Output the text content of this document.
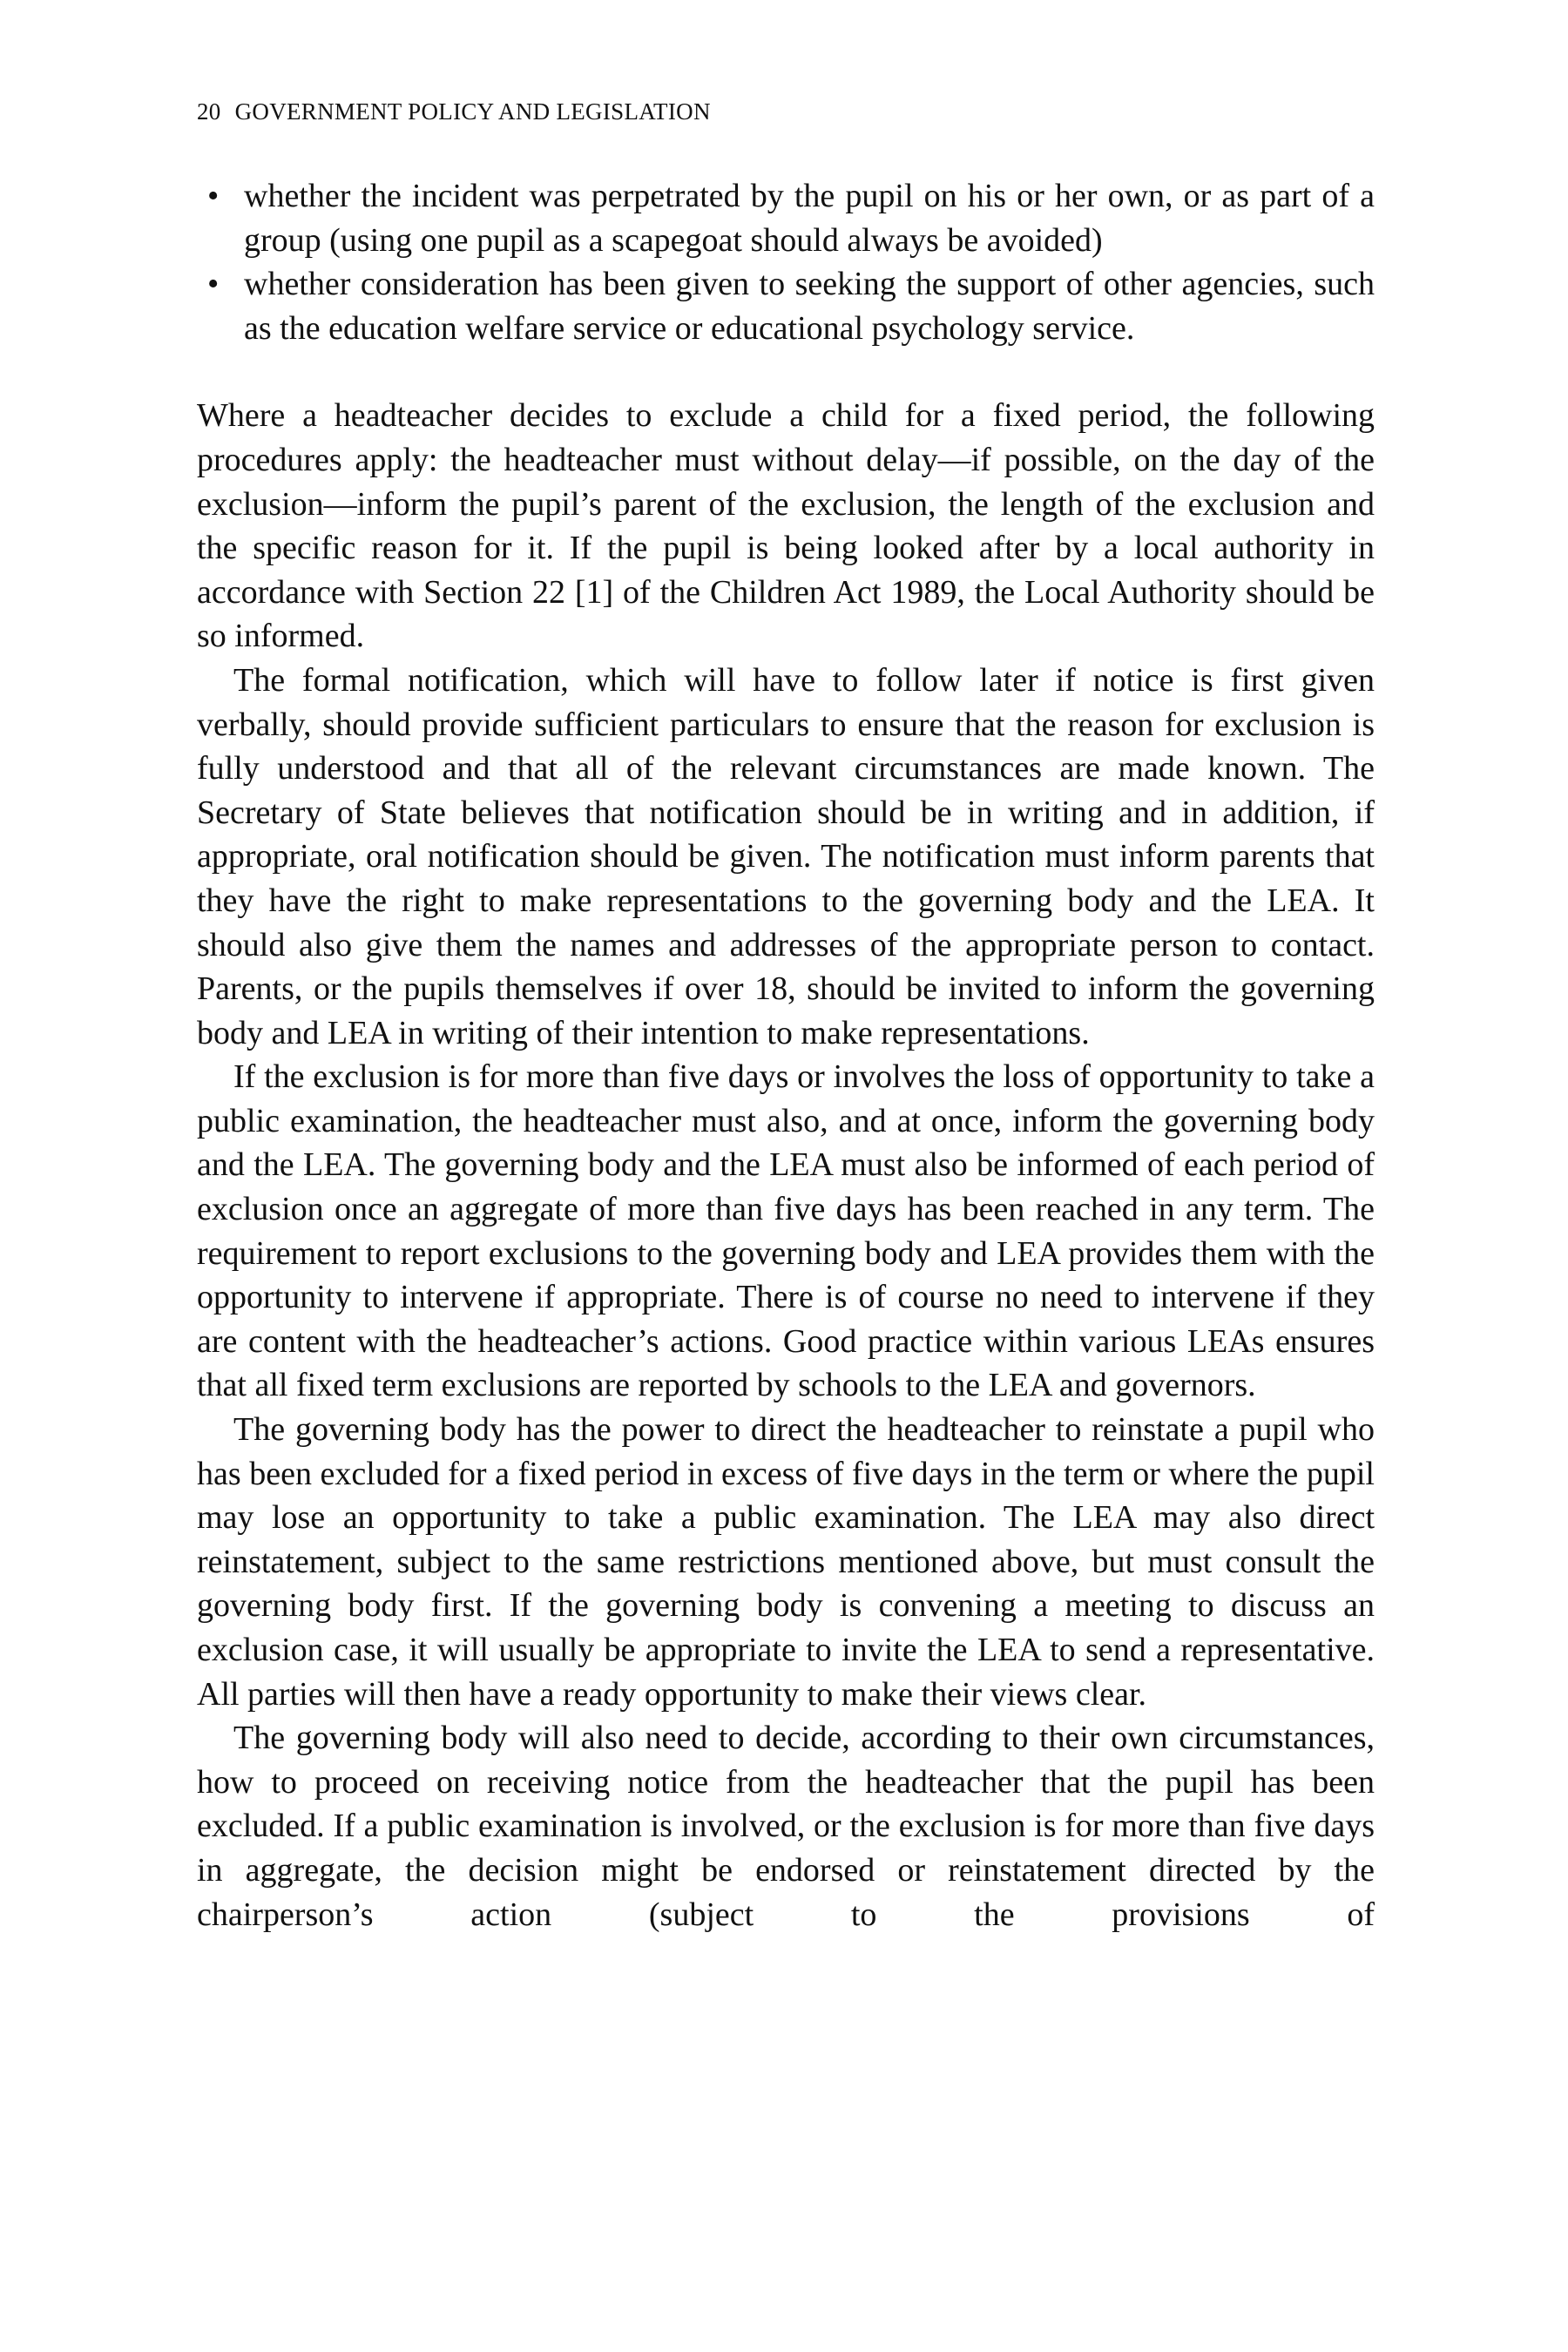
20 GOVERNMENT POLICY AND LEGISLATION
• whether the incident was perpetrated by the pupil on his or her own, or as part of a group (using one pupil as a scapegoat should always be avoided)
• whether consideration has been given to seeking the support of other agencies, such as the education welfare service or educational psychology service.

Where a headteacher decides to exclude a child for a fixed period, the following procedures apply: the headteacher must without delay—if possible, on the day of the exclusion—inform the pupil’s parent of the exclusion, the length of the exclusion and the specific reason for it. If the pupil is being looked after by a local authority in accordance with Section 22 [1] of the Children Act 1989, the Local Authority should be so informed.

The formal notification, which will have to follow later if notice is first given verbally, should provide sufficient particulars to ensure that the reason for exclusion is fully understood and that all of the relevant circumstances are made known. The Secretary of State believes that notification should be in writing and in addition, if appropriate, oral notification should be given. The notification must inform parents that they have the right to make representations to the governing body and the LEA. It should also give them the names and addresses of the appropriate person to contact. Parents, or the pupils themselves if over 18, should be invited to inform the governing body and LEA in writing of their intention to make representations.

If the exclusion is for more than five days or involves the loss of opportunity to take a public examination, the headteacher must also, and at once, inform the governing body and the LEA. The governing body and the LEA must also be informed of each period of exclusion once an aggregate of more than five days has been reached in any term. The requirement to report exclusions to the governing body and LEA provides them with the opportunity to intervene if appropriate. There is of course no need to intervene if they are content with the headteacher’s actions. Good practice within various LEAs ensures that all fixed term exclusions are reported by schools to the LEA and governors.

The governing body has the power to direct the headteacher to reinstate a pupil who has been excluded for a fixed period in excess of five days in the term or where the pupil may lose an opportunity to take a public examination. The LEA may also direct reinstatement, subject to the same restrictions mentioned above, but must consult the governing body first. If the governing body is convening a meeting to discuss an exclusion case, it will usually be appropriate to invite the LEA to send a representative. All parties will then have a ready opportunity to make their views clear.

The governing body will also need to decide, according to their own circumstances, how to proceed on receiving notice from the headteacher that the pupil has been excluded. If a public examination is involved, or the exclusion is for more than five days in aggregate, the decision might be endorsed or reinstatement directed by the chairperson’s action (subject to the provisions of
